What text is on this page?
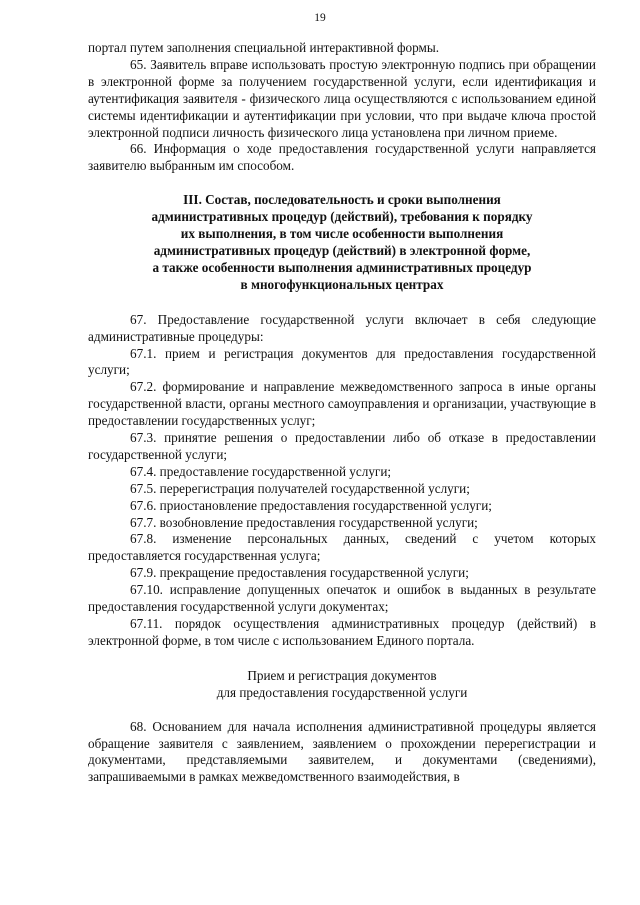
19

портал путем заполнения специальной интерактивной формы.

65. Заявитель вправе использовать простую электронную подпись при обращении в электронной форме за получением государственной услуги, если идентификация и аутентификация заявителя - физического лица осуществляются с использованием единой системы идентификации и аутентификации при условии, что при выдаче ключа простой электронной подписи личность физического лица установлена при личном приеме.

66. Информация о ходе предоставления государственной услуги направляется заявителю выбранным им способом.

III. Состав, последовательность и сроки выполнения
административных процедур (действий), требования к порядку
их выполнения, в том числе особенности выполнения
административных процедур (действий) в электронной форме,
а также особенности выполнения административных процедур
в многофункциональных центрах

67. Предоставление государственной услуги включает в себя следующие административные процедуры:

67.1. прием и регистрация документов для предоставления государственной услуги;

67.2. формирование и направление межведомственного запроса в иные органы государственной власти, органы местного самоуправления и организации, участвующие в предоставлении государственных услуг;

67.3. принятие решения о предоставлении либо об отказе в предоставлении государственной услуги;

67.4. предоставление государственной услуги;

67.5. перерегистрация получателей государственной услуги;

67.6. приостановление предоставления государственной услуги;

67.7. возобновление предоставления государственной услуги;

67.8. изменение персональных данных, сведений с учетом которых предоставляется государственная услуга;

67.9. прекращение предоставления государственной услуги;

67.10. исправление допущенных опечаток и ошибок в выданных в результате предоставления государственной услуги документах;

67.11. порядок осуществления административных процедур (действий) в электронной форме, в том числе с использованием Единого портала.

Прием и регистрация документов
для предоставления государственной услуги

68. Основанием для начала исполнения административной процедуры является обращение заявителя с заявлением, заявлением о прохождении перерегистрации и документами, представляемыми заявителем, и документами (сведениями), запрашиваемыми в рамках межведомственного взаимодействия, в
